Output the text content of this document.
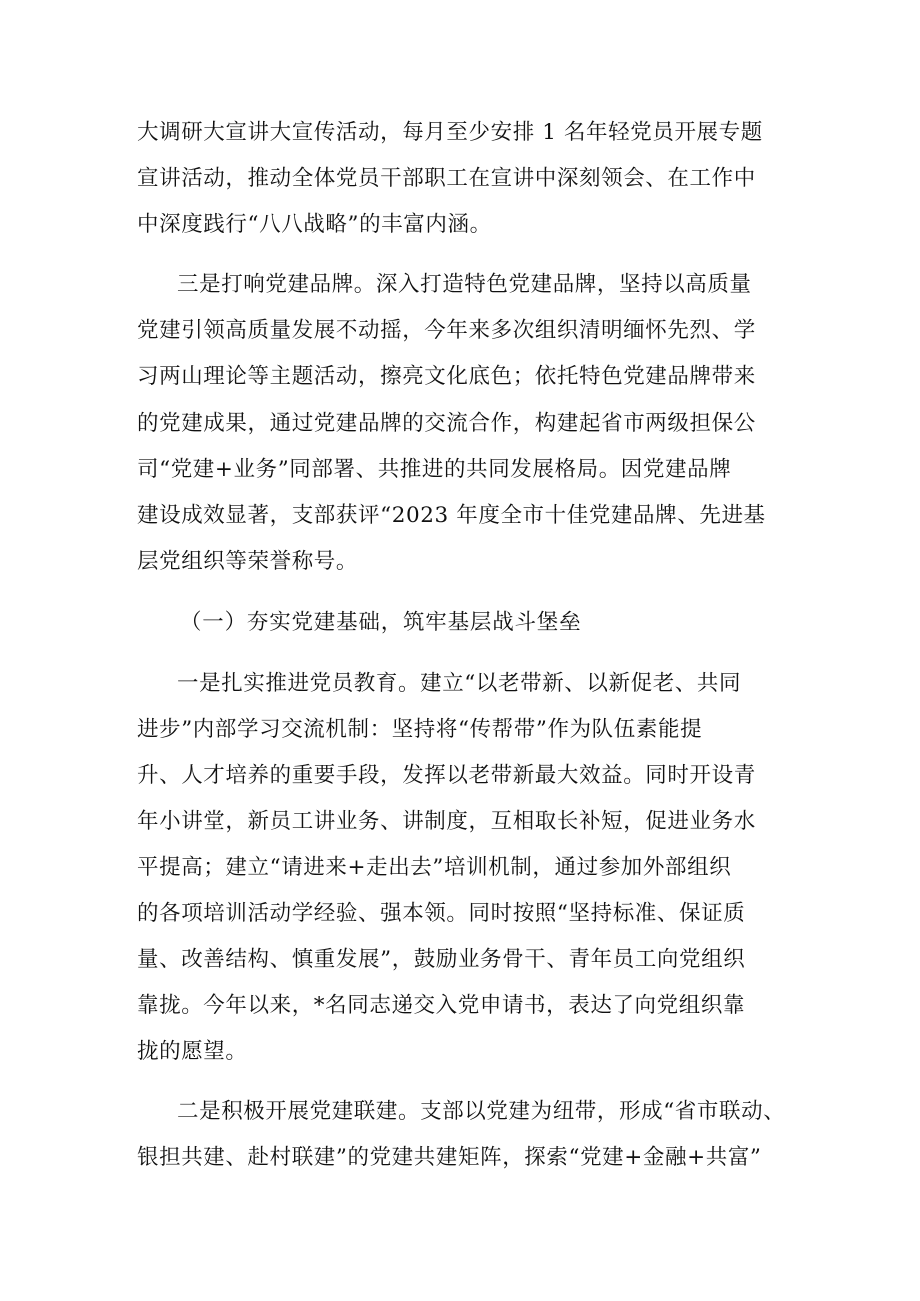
大调研大宣讲大宣传活动，每月至少安排 1 名年轻党员开展专题
宣讲活动，推动全体党员干部职工在宣讲中深刻领会、在工作中
中深度践行“八八战略”的丰富内涵。
三是打响党建品牌。深入打造特色党建品牌，坚持以高质量
党建引领高质量发展不动摇，今年来多次组织清明缅怀先烈、学
习两山理论等主题活动，擦亮文化底色；依托特色党建品牌带来
的党建成果，通过党建品牌的交流合作，构建起省市两级担保公
司“党建+业务”同部署、共推进的共同发展格局。因党建品牌
建设成效显著，支部获评“2023 年度全市十佳党建品牌、先进基
层党组织等荣誉称号。
（一）夯实党建基础，筑牢基层战斗堡垒
一是扎实推进党员教育。建立“以老带新、以新促老、共同
进步”内部学习交流机制：坚持将“传帮带”作为队伍素能提
升、人才培养的重要手段，发挥以老带新最大效益。同时开设青
年小讲堂，新员工讲业务、讲制度，互相取长补短，促进业务水
平提高；建立“请进来+走出去”培训机制，通过参加外部组织
的各项培训活动学经验、强本领。同时按照“坚持标准、保证质
量、改善结构、慎重发展”，鼓励业务骨干、青年员工向党组织
靠拢。今年以来，*名同志递交入党申请书，表达了向党组织靠
拢的愿望。
二是积极开展党建联建。支部以党建为纽带，形成“省市联动、
银担共建、赴村联建”的党建共建矩阵，探索“党建+金融+共富”
